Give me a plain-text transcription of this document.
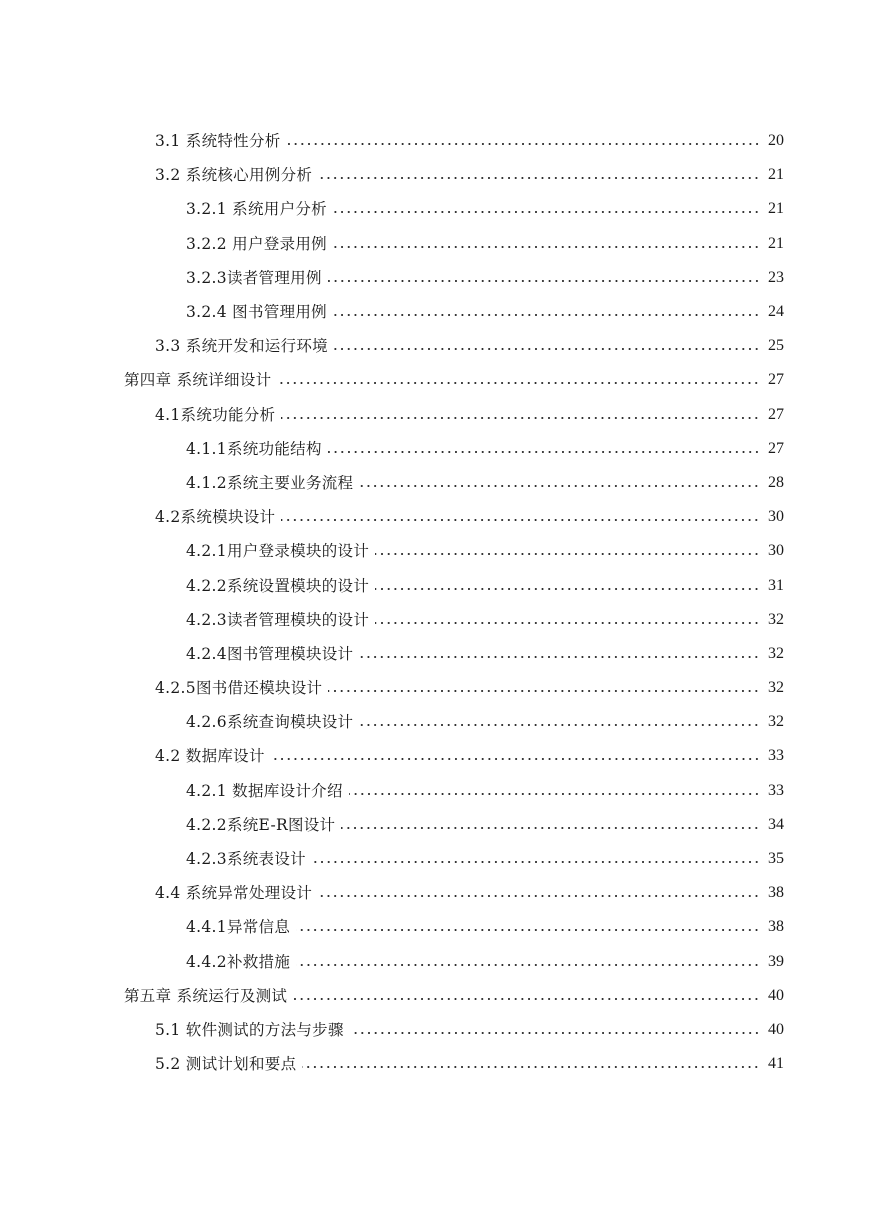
3.1 系统特性分析	20
3.2 系统核心用例分析	21
3.2.1 系统用户分析	21
3.2.2 用户登录用例	21
3.2.3读者管理用例	23
3.2.4 图书管理用例	24
3.3 系统开发和运行环境	25
第四章 系统详细设计	27
4.1系统功能分析	27
4.1.1系统功能结构	27
4.1.2系统主要业务流程	28
4.2系统模块设计	30
4.2.1用户登录模块的设计	30
4.2.2系统设置模块的设计	31
4.2.3读者管理模块的设计	32
4.2.4图书管理模块设计	32
4.2.5图书借还模块设计	32
4.2.6系统查询模块设计	32
4.2 数据库设计	33
4.2.1 数据库设计介绍	33
4.2.2系统E-R图设计	34
4.2.3系统表设计	35
4.4 系统异常处理设计	38
4.4.1异常信息	38
4.4.2补救措施	39
第五章 系统运行及测试	40
5.1 软件测试的方法与步骤	40
5.2 测试计划和要点	41
